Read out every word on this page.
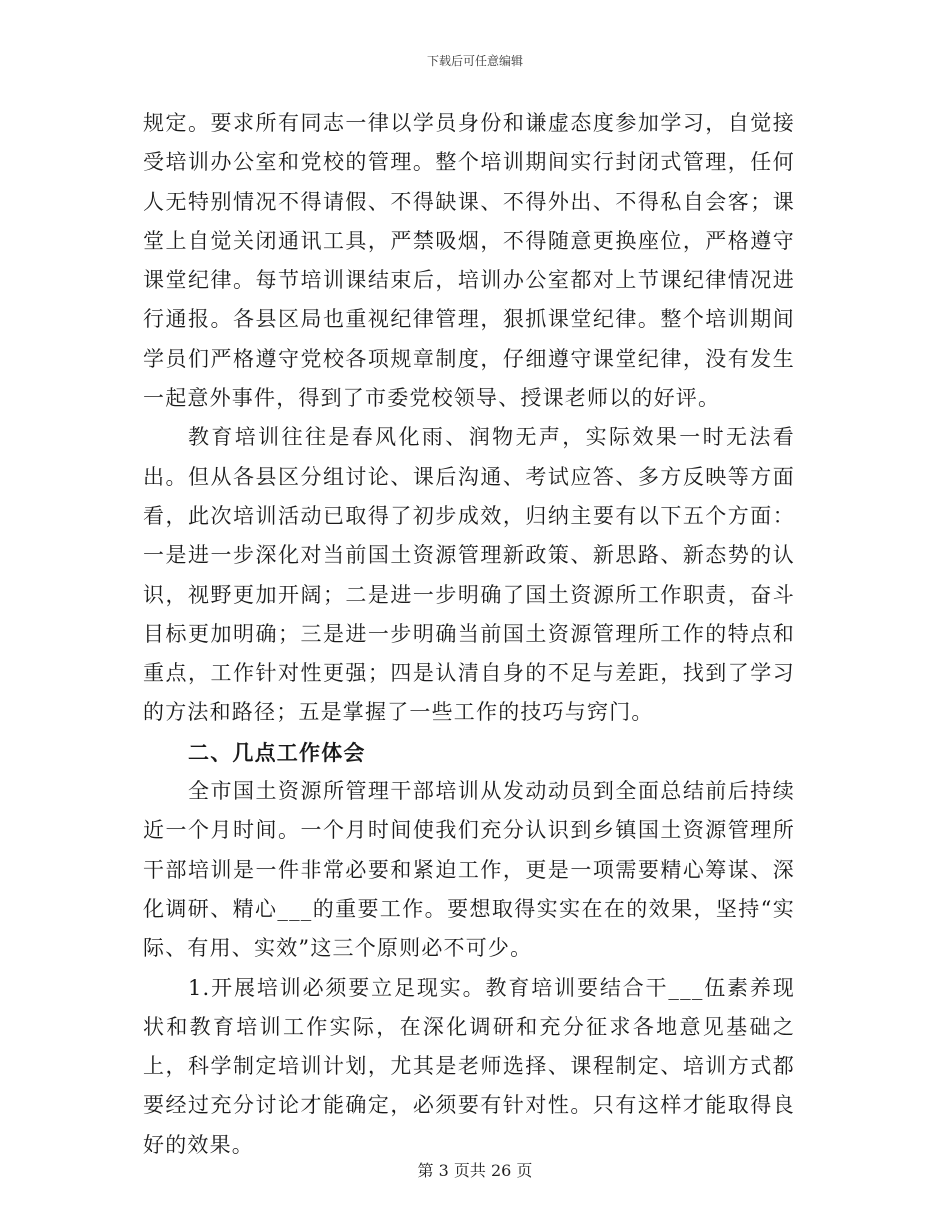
下载后可任意编辑

规定。要求所有同志一律以学员身份和谦虚态度参加学习，自觉接受培训办公室和党校的管理。整个培训期间实行封闭式管理，任何人无特别情况不得请假、不得缺课、不得外出、不得私自会客；课堂上自觉关闭通讯工具，严禁吸烟，不得随意更换座位，严格遵守课堂纪律。每节培训课结束后，培训办公室都对上节课纪律情况进行通报。各县区局也重视纪律管理，狠抓课堂纪律。整个培训期间学员们严格遵守党校各项规章制度，仔细遵守课堂纪律，没有发生一起意外事件，得到了市委党校领导、授课老师以的好评。

教育培训往往是春风化雨、润物无声，实际效果一时无法看出。但从各县区分组讨论、课后沟通、考试应答、多方反映等方面看，此次培训活动已取得了初步成效，归纳主要有以下五个方面：一是进一步深化对当前国土资源管理新政策、新思路、新态势的认识，视野更加开阔；二是进一步明确了国土资源所工作职责，奋斗目标更加明确；三是进一步明确当前国土资源管理所工作的特点和重点，工作针对性更强；四是认清自身的不足与差距，找到了学习的方法和路径；五是掌握了一些工作的技巧与窍门。

二、几点工作体会

全市国土资源所管理干部培训从发动动员到全面总结前后持续近一个月时间。一个月时间使我们充分认识到乡镇国土资源管理所干部培训是一件非常必要和紧迫工作，更是一项需要精心筹谋、深化调研、精心___的重要工作。要想取得实实在在的效果，坚持“实际、有用、实效”这三个原则必不可少。

1.开展培训必须要立足现实。教育培训要结合干___伍素养现状和教育培训工作实际，在深化调研和充分征求各地意见基础之上，科学制定培训计划，尤其是老师选择、课程制定、培训方式都要经过充分讨论才能确定，必须要有针对性。只有这样才能取得良好的效果。

第 3 页共 26 页
